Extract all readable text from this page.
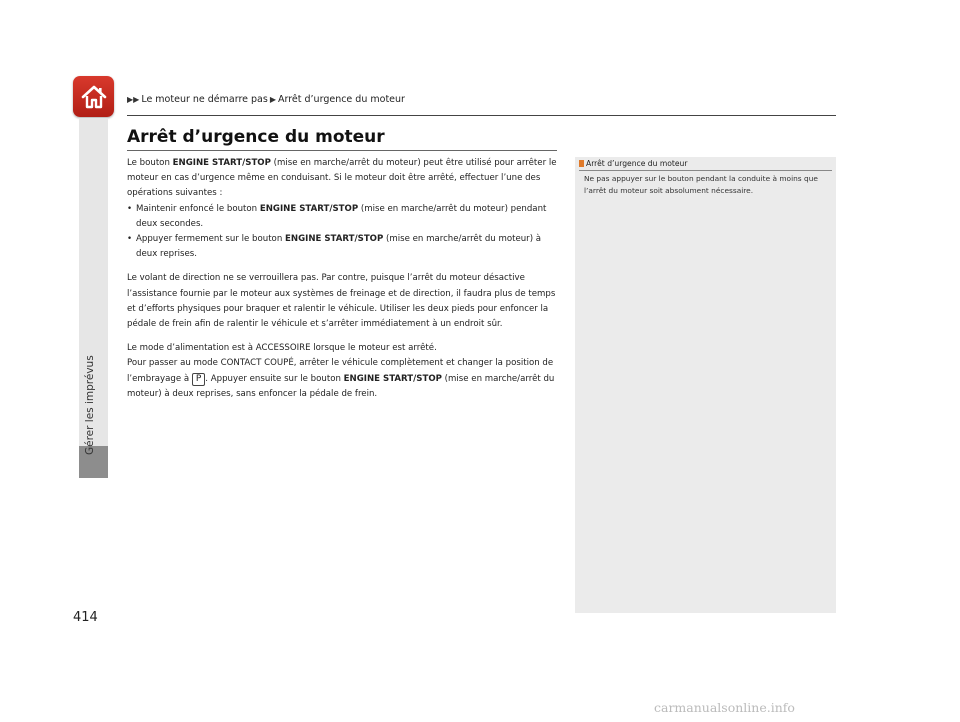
Gérer les imprévus
▶▶ Le moteur ne démarre pas ▶ Arrêt d’urgence du moteur
Arrêt d’urgence du moteur

Le bouton ENGINE START/STOP (mise en marche/arrêt du moteur) peut être utilisé pour arrêter le moteur en cas d’urgence même en conduisant. Si le moteur doit être arrêté, effectuer l’une des opérations suivantes :

• Maintenir enfoncé le bouton ENGINE START/STOP (mise en marche/arrêt du moteur) pendant deux secondes.
• Appuyer fermement sur le bouton ENGINE START/STOP (mise en marche/arrêt du moteur) à deux reprises.

Le volant de direction ne se verrouillera pas. Par contre, puisque l’arrêt du moteur désactive l’assistance fournie par le moteur aux systèmes de freinage et de direction, il faudra plus de temps et d’efforts physiques pour braquer et ralentir le véhicule. Utiliser les deux pieds pour enfoncer la pédale de frein afin de ralentir le véhicule et s’arrêter immédiatement à un endroit sûr.

Le mode d’alimentation est à ACCESSOIRE lorsque le moteur est arrêté.
Pour passer au mode CONTACT COUPÉ, arrêter le véhicule complètement et changer la position de l’embrayage à P . Appuyer ensuite sur le bouton ENGINE START/STOP (mise en marche/arrêt du moteur) à deux reprises, sans enfoncer la pédale de frein.

Arrêt d’urgence du moteur
Ne pas appuyer sur le bouton pendant la conduite à moins que l’arrêt du moteur soit absolument nécessaire.
414
carmanualsonline.info
